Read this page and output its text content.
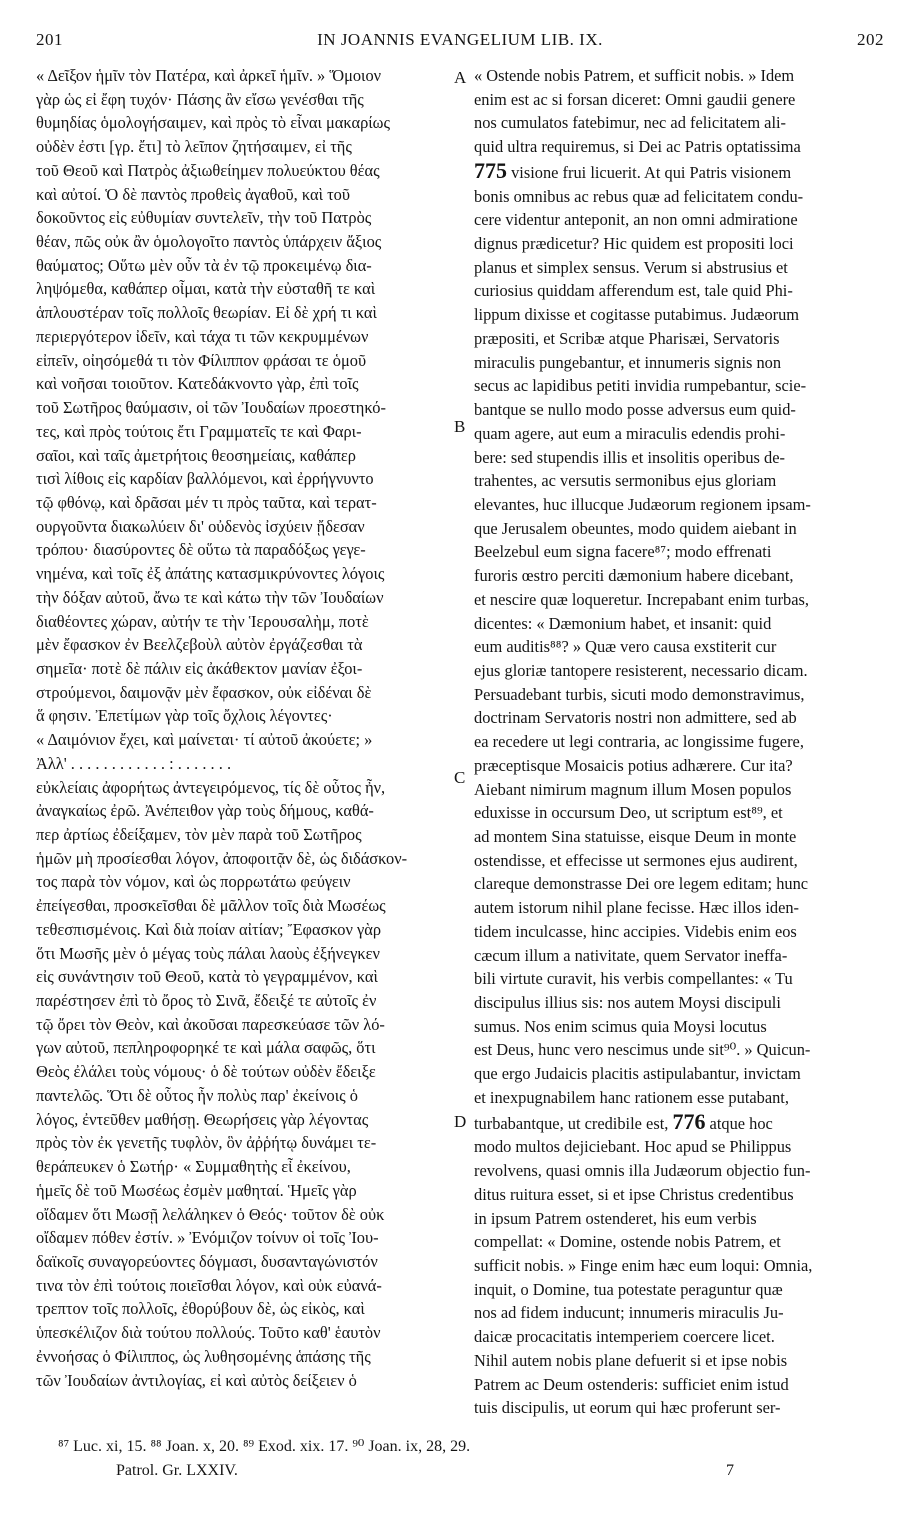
201	IN JOANNIS EVANGELIUM LIB. IX.	202
« Δεῖξον ἡμῖν τὸν Πατέρα, καὶ ἀρκεῖ ἡμῖν. » Ὅμοιον
γὰρ ὡς εἰ ἔφη τυχόν· Πάσης ἂν εἴσω γενέσθαι τῆς
θυμηδίας ὁμολογήσαιμεν, καὶ πρὸς τὸ εἶναι μακαρίως
οὐδὲν ἐστι [γρ. ἔτι] τὸ λεῖπον ζητήσαιμεν, εἰ τῆς
τοῦ Θεοῦ καὶ Πατρὸς ἀξιωθείημεν πολυεύκτου θέας
καὶ αὐτοί. Ὁ δὲ παντὸς προθεὶς ἀγαθοῦ, καὶ τοῦ
δοκοῦντος εἰς εὐθυμίαν συντελεῖν, τὴν τοῦ Πατρὸς
θέαν, πῶς οὐκ ἂν ὁμολογοῖτο παντὸς ὑπάρχειν ἄξιος
θαύματος; Οὕτω μὲν οὖν τὰ ἐν τῷ προκειμένῳ δια-
ληψόμεθα, καθάπερ οἶμαι, κατὰ τὴν εὐσταθῆ τε καὶ
ἁπλουστέραν τοῖς πολλοῖς θεωρίαν. Εἰ δὲ χρή τι καὶ
περιεργότερον ἰδεῖν, καὶ τάχα τι τῶν κεκρυμμένων
εἰπεῖν, οἰησόμεθά τι τὸν Φίλιππον φράσαι τε ὁμοῦ
καὶ νοῆσαι τοιοῦτον. Κατεδάκνοντο γὰρ, ἐπὶ τοῖς
τοῦ Σωτῆρος θαύμασιν, οἱ τῶν Ἰουδαίων προεστηκό-
τες, καὶ πρὸς τούτοις ἔτι Γραμματεῖς τε καὶ Φαρι-
σαῖοι, καὶ ταῖς ἀμετρήτοις θεοσημείαις, καθάπερ
τισὶ λίθοις εἰς καρδίαν βαλλόμενοι, καὶ ἐρρήγνυντο
τῷ φθόνῳ, καὶ δρᾶσαι μέν τι πρὸς ταῦτα, καὶ τερατ-
ουργοῦντα διακωλύειν δι' οὐδενὸς ἰσχύειν ᾔδεσαν
τρόπου· διασύροντες δὲ οὕτω τὰ παραδόξως γεγε-
νημένα, καὶ τοῖς ἐξ ἀπάτης κατασμικρύνοντες λόγοις
τὴν δόξαν αὐτοῦ, ἄνω τε καὶ κάτω τὴν τῶν Ἰουδαίων
διαθέοντες χώραν, αὐτήν τε τὴν Ἱερουσαλὴμ, ποτὲ
μὲν ἔφασκον ἐν Βεελζεβοὺλ αὐτὸν ἐργάζεσθαι τὰ
σημεῖα· ποτὲ δὲ πάλιν εἰς ἀκάθεκτον μανίαν ἐξοι-
στρούμενοι, δαιμονᾷν μὲν ἔφασκον, οὐκ εἰδέναι δὲ
ἅ φησιν. Ἐπετίμων γὰρ τοῖς ὄχλοις λέγοντες·
« Δαιμόνιον ἔχει, καὶ μαίνεται· τί αὐτοῦ ἀκούετε; »
Ἀλλ' . . . . . . . . . . . . : . . . . . . .
εὐκλείαις ἀφορήτως ἀντεγειρόμενος, τίς δὲ οὗτος ἦν,
ἀναγκαίως ἐρῶ. Ἀνέπειθον γὰρ τοὺς δήμους, καθά-
περ ἀρτίως ἐδείξαμεν, τὸν μὲν παρὰ τοῦ Σωτῆρος
ἡμῶν μὴ προσίεσθαι λόγον, ἀποφοιτᾷν δὲ, ὡς διδάσκον-
τος παρὰ τὸν νόμον, καὶ ὡς πορρωτάτω φεύγειν
ἐπείγεσθαι, προσκεῖσθαι δὲ μᾶλλον τοῖς διὰ Μωσέως
τεθεσπισμένοις. Καὶ διὰ ποίαν αἰτίαν; Ἔφασκον γὰρ
ὅτι Μωσῆς μὲν ὁ μέγας τοὺς πάλαι λαοὺς ἐξήνεγκεν
εἰς συνάντησιν τοῦ Θεοῦ, κατὰ τὸ γεγραμμένον, καὶ
παρέστησεν ἐπὶ τὸ ὄρος τὸ Σινᾶ, ἔδειξέ τε αὐτοῖς ἐν
τῷ ὄρει τὸν Θεὸν, καὶ ἀκοῦσαι παρεσκεύασε τῶν λό-
γων αὐτοῦ, πεπληροφορηκέ τε καὶ μάλα σαφῶς, ὅτι
Θεὸς ἐλάλει τοὺς νόμους· ὁ δὲ τούτων οὐδὲν ἔδειξε
παντελῶς. Ὅτι δὲ οὗτος ἦν πολὺς παρ' ἐκείνοις ὁ
λόγος, ἐντεῦθεν μαθήσῃ. Θεωρήσεις γὰρ λέγοντας
πρὸς τὸν ἐκ γενετῆς τυφλὸν, ὃν ἀῤῥήτῳ δυνάμει τε-
θεράπευκεν ὁ Σωτήρ· « Συμμαθητὴς εἶ ἐκείνου,
ἡμεῖς δὲ τοῦ Μωσέως ἐσμὲν μαθηταί. Ἡμεῖς γὰρ
οἴδαμεν ὅτι Μωσῇ λελάληκεν ὁ Θεός· τοῦτον δὲ οὐκ
οἴδαμεν πόθεν ἐστίν. » Ἐνόμιζον τοίνυν οἱ τοῖς Ἰου-
δαϊκοῖς συναγορεύοντες δόγμασι, δυσανταγώνιστόν
τινα τὸν ἐπὶ τούτοις ποιεῖσθαι λόγον, καὶ οὐκ εὐανά-
τρεπτον τοῖς πολλοῖς, ἐθορύβουν δὲ, ὡς εἰκὸς, καὶ
ὑπεσκέλιζον διὰ τούτου πολλούς. Τοῦτο καθ' ἑαυτὸν
ἐννοήσας ὁ Φίλιππος, ὡς λυθησομένης ἁπάσης τῆς
τῶν Ἰουδαίων ἀντιλογίας, εἰ καὶ αὐτὸς δείξειεν ὁ
« Ostende nobis Patrem, et sufficit nobis. » Idem
enim est ac si forsan diceret: Omni gaudii genere
nos cumulatos fatebimur, nec ad felicitatem ali-
quid ultra requiremus, si Dei ac Patris optatissima
775 visione frui licuerit. At qui Patris visionem
bonis omnibus ac rebus quæ ad felicitatem condu-
cere videntur anteponit, an non omni admiratione
dignus prædicetur? Hic quidem est propositi loci
planus et simplex sensus. Verum si abstrusius et
curiosius quiddam afferendum est, tale quid Phi-
lippum dixisse et cogitasse putabimus. Judæorum
præpositi, et Scribæ atque Pharisæi, Servatoris
miraculis pungebantur, et innumeris signis non
secus ac lapidibus petiti invidia rumpebantur, scie-
bantque se nullo modo posse adversus eum quid-
quam agere, aut eum a miraculis edendis prohi-
bere: sed stupendis illis et insolitis operibus de-
trahentes, ac versutis sermonibus ejus gloriam
elevantes, huc illucque Judæorum regionem ipsam-
que Jerusalem obeuntes, modo quidem aiebant in
Beelzebul eum signa facere⁸⁷; modo effrenati
furoris œstro perciti dæmonium habere dicebant,
et nescire quæ loqueretur. Increpabant enim turbas,
dicentes: « Dæmonium habet, et insanit: quid
eum auditis⁸⁸? » Quæ vero causa exstiterit cur
ejus gloriæ tantopere resisterent, necessario dicam.
Persuadebant turbis, sicuti modo demonstravimus,
doctrinam Servatoris nostri non admittere, sed ab
ea recedere ut legi contraria, ac longissime fugere,
præceptisque Mosaicis potius adhærere. Cur ita?
Aiebant nimirum magnum illum Mosen populos
eduxisse in occursum Deo, ut scriptum est⁸⁹, et
ad montem Sina statuisse, eisque Deum in monte
ostendisse, et effecisse ut sermones ejus audirent,
clareque demonstrasse Dei ore legem editam; hunc
autem istorum nihil plane fecisse. Hæc illos iden-
tidem inculcasse, hinc accipies. Videbis enim eos
cæcum illum a nativitate, quem Servator ineffa-
bili virtute curavit, his verbis compellantes: « Tu
discipulus illius sis: nos autem Moysi discipuli
sumus. Nos enim scimus quia Moysi locutus
est Deus, hunc vero nescimus unde sit⁹⁰. » Quicun-
que ergo Judaicis placitis astipulabantur, invictam
et inexpugnabilem hanc rationem esse putabant,
turbabantque, ut credibile est, 776 atque hoc
modo multos dejiciebant. Hoc apud se Philippus
revolvens, quasi omnis illa Judæorum objectio fun-
ditus ruitura esset, si et ipse Christus credentibus
in ipsum Patrem ostenderet, his eum verbis
compellat: « Domine, ostende nobis Patrem, et
sufficit nobis. » Finge enim hæc eum loqui: Omnia,
inquit, o Domine, tua potestate peraguntur quæ
nos ad fidem inducunt; innumeris miraculis Ju-
daicæ procacitatis intemperiem coercere licet.
Nihil autem nobis plane defuerit si et ipse nobis
Patrem ac Deum ostenderis: sufficiet enim istud
tuis discipulis, ut eorum qui hæc proferunt ser-
A
B
C
D
⁸⁷ Luc. xi, 15. ⁸⁸ Joan. x, 20. ⁸⁹ Exod. xix. 17. ⁹⁰ Joan. ix, 28, 29.
Patrol. Gr. LXXIV.	7
